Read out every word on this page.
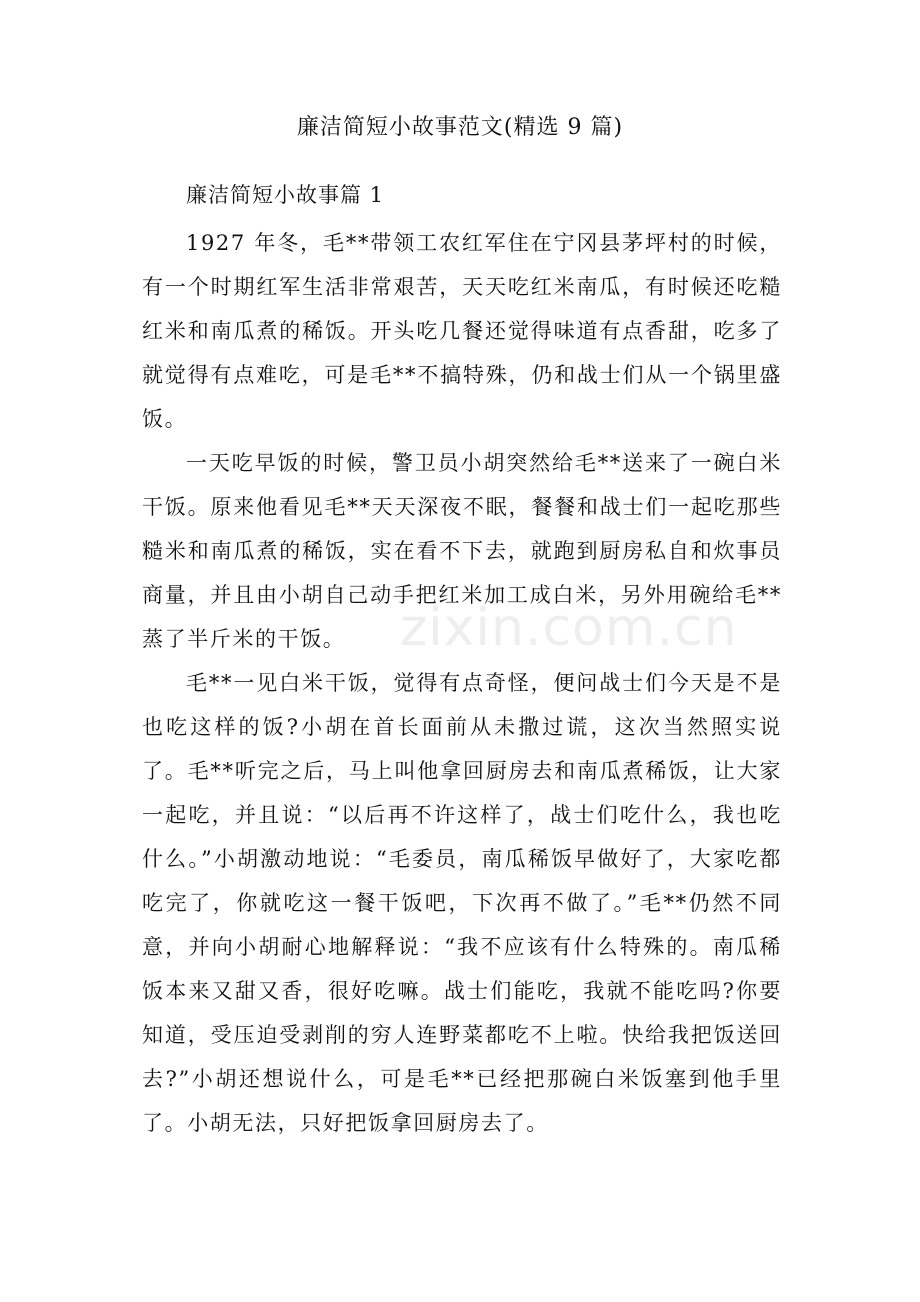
廉洁简短小故事范文(精选 9 篇)
廉洁简短小故事篇 1

1927 年冬，毛**带领工农红军住在宁冈县茅坪村的时候，有一个时期红军生活非常艰苦，天天吃红米南瓜，有时候还吃糙红米和南瓜煮的稀饭。开头吃几餐还觉得味道有点香甜，吃多了就觉得有点难吃，可是毛**不搞特殊，仍和战士们从一个锅里盛饭。

一天吃早饭的时候，警卫员小胡突然给毛**送来了一碗白米干饭。原来他看见毛**天天深夜不眠，餐餐和战士们一起吃那些糙米和南瓜煮的稀饭，实在看不下去，就跑到厨房私自和炊事员商量，并且由小胡自己动手把红米加工成白米，另外用碗给毛**蒸了半斤米的干饭。

毛**一见白米干饭，觉得有点奇怪，便问战士们今天是不是也吃这样的饭?小胡在首长面前从未撒过谎，这次当然照实说了。毛**听完之后，马上叫他拿回厨房去和南瓜煮稀饭，让大家一起吃，并且说：“以后再不许这样了，战士们吃什么，我也吃什么。”小胡激动地说：“毛委员，南瓜稀饭早做好了，大家吃都吃完了，你就吃这一餐干饭吧，下次再不做了。”毛**仍然不同意，并向小胡耐心地解释说：“我不应该有什么特殊的。南瓜稀饭本来又甜又香，很好吃嘛。战士们能吃，我就不能吃吗?你要知道，受压迫受剥削的穷人连野菜都吃不上啦。快给我把饭送回去?”小胡还想说什么，可是毛**已经把那碗白米饭塞到他手里了。小胡无法，只好把饭拿回厨房去了。

zixin.com.cn
